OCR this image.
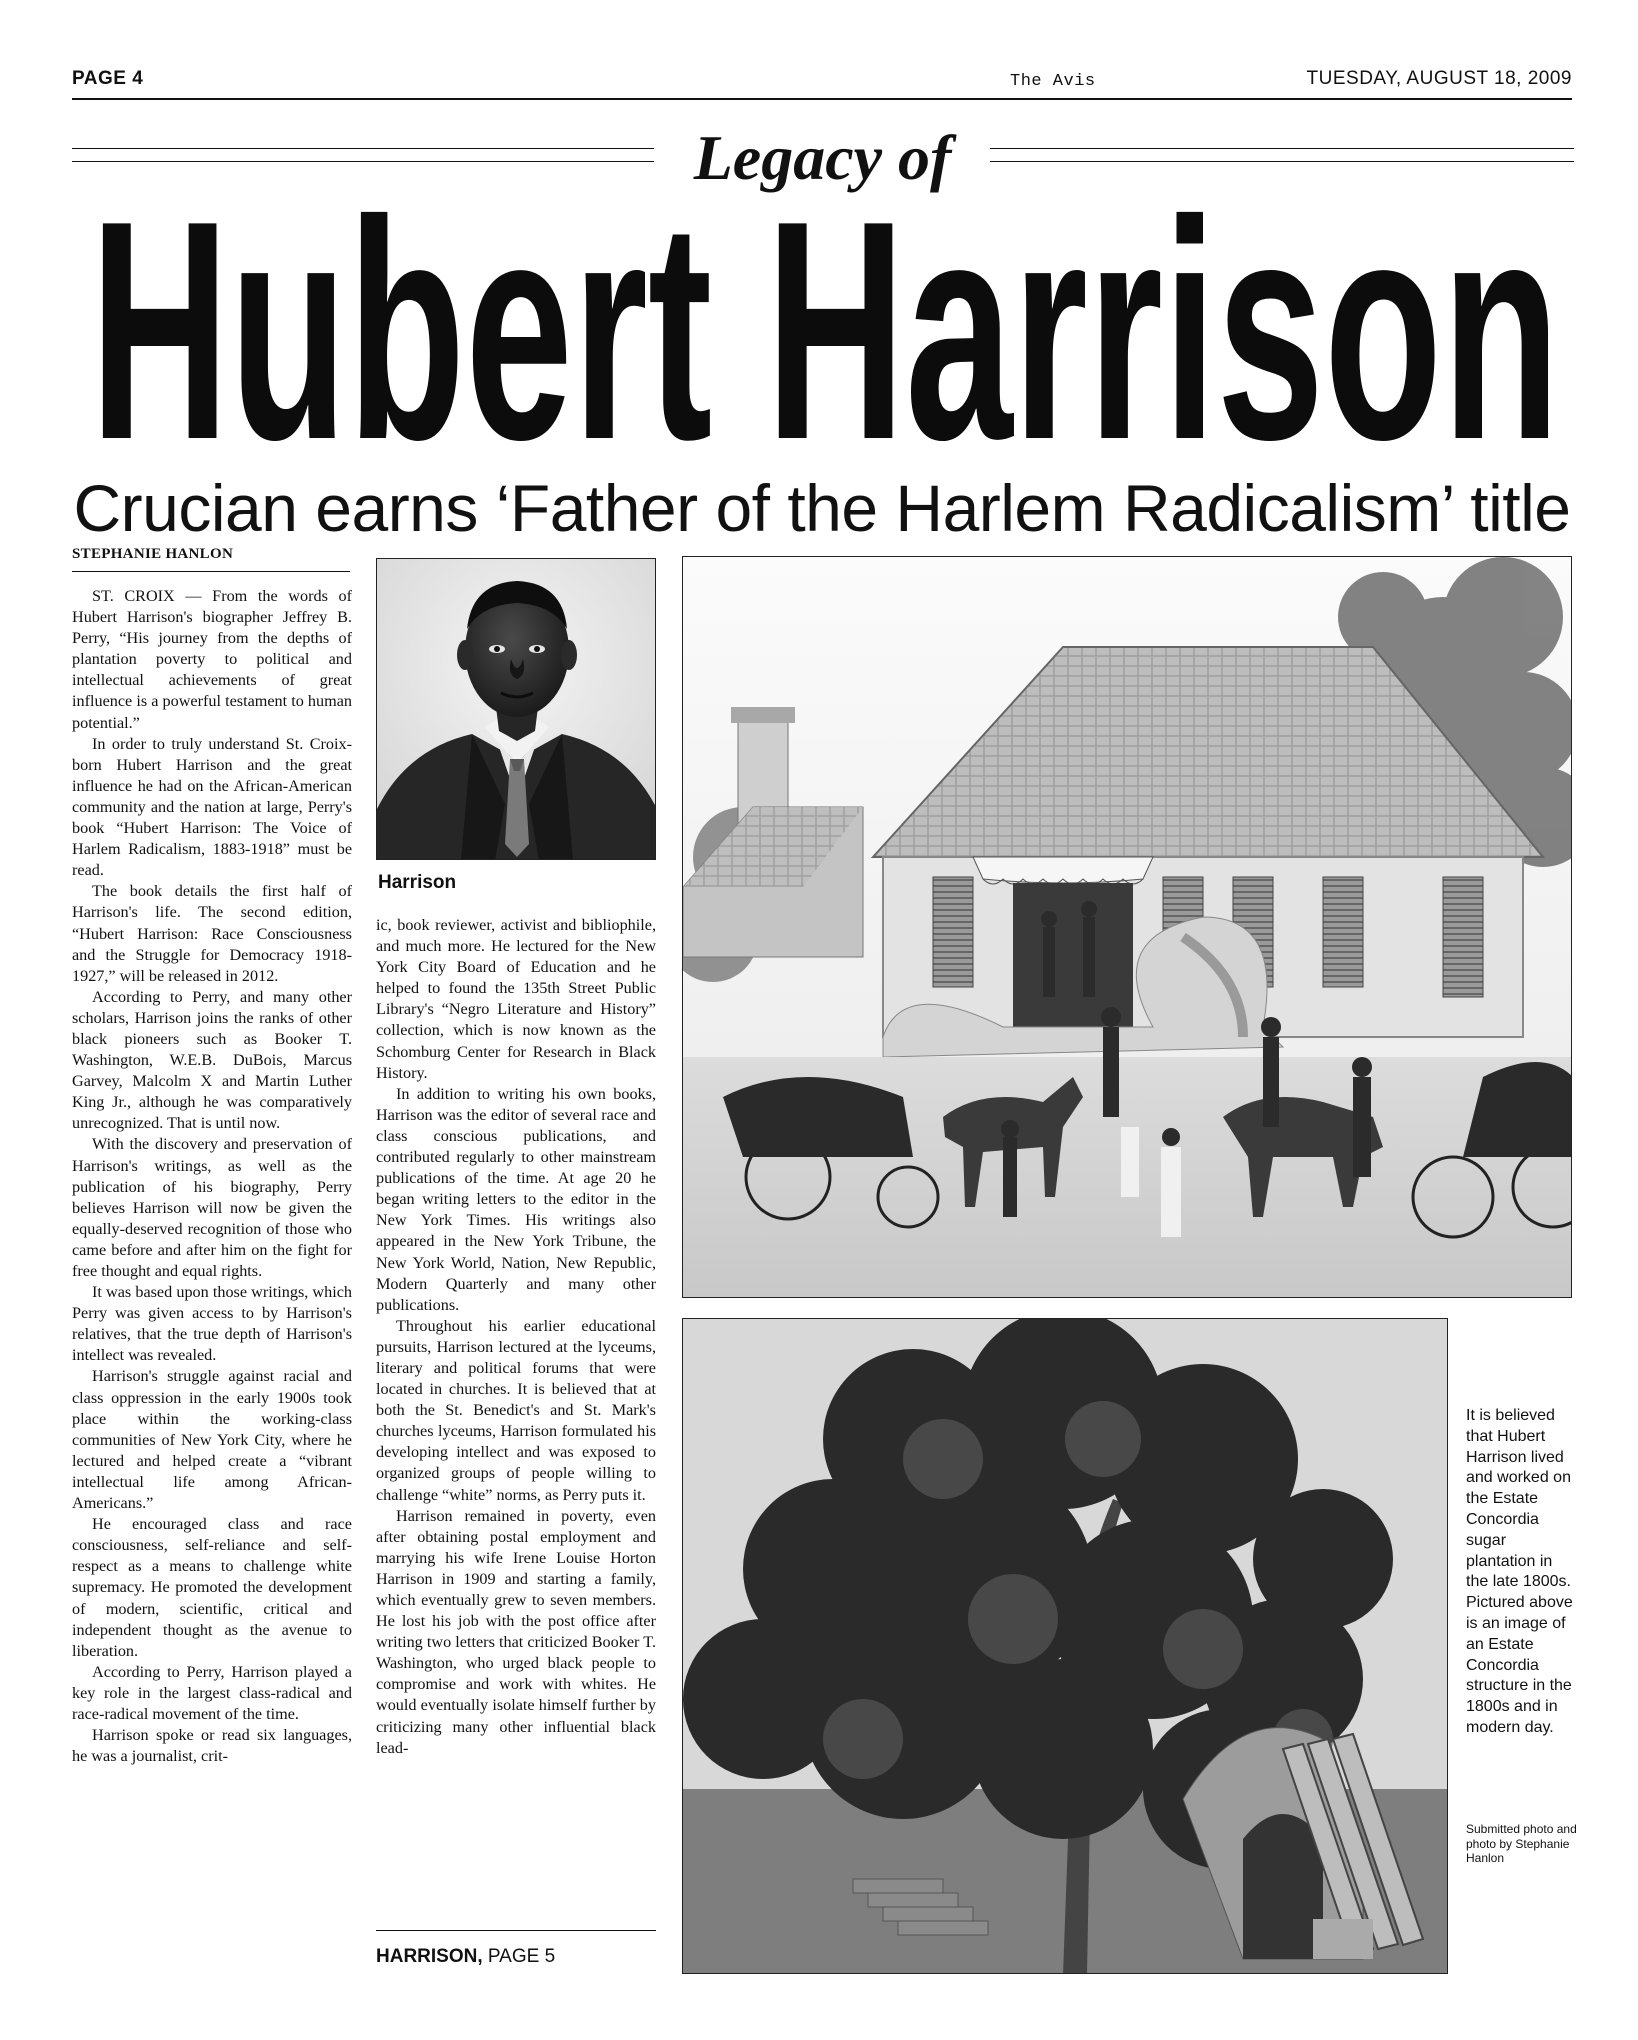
PAGE 4	The Avis	TUESDAY, AUGUST 18, 2009
Legacy of
Hubert Harrison
Crucian earns ‘Father of the Harlem Radicalism’ title
STEPHANIE HANLON

ST. CROIX — From the words of Hubert Harrison's biographer Jeffrey B. Perry, “His journey from the depths of plantation poverty to political and intellectual achievements of great influence is a powerful testament to human potential.”

In order to truly understand St. Croix-born Hubert Harrison and the great influence he had on the African-American community and the nation at large, Perry's book “Hubert Harrison: The Voice of Harlem Radicalism, 1883-1918” must be read.

The book details the first half of Harrison's life. The second edition, “Hubert Harrison: Race Consciousness and the Struggle for Democracy 1918-1927,” will be released in 2012.

According to Perry, and many other scholars, Harrison joins the ranks of other black pioneers such as Booker T. Washington, W.E.B. DuBois, Marcus Garvey, Malcolm X and Martin Luther King Jr., although he was comparatively unrecognized. That is until now.

With the discovery and preservation of Harrison's writings, as well as the publication of his biography, Perry believes Harrison will now be given the equally-deserved recognition of those who came before and after him on the fight for free thought and equal rights.

It was based upon those writings, which Perry was given access to by Harrison's relatives, that the true depth of Harrison's intellect was revealed.

Harrison's struggle against racial and class oppression in the early 1900s took place within the working-class communities of New York City, where he lectured and helped create a “vibrant intellectual life among African-Americans.”

He encouraged class and race consciousness, self-reliance and self-respect as a means to challenge white supremacy. He promoted the development of modern, scientific, critical and independent thought as the avenue to liberation.

According to Perry, Harrison played a key role in the largest class-radical and race-radical movement of the time.

Harrison spoke or read six languages, he was a journalist, crit-

Harrison

ic, book reviewer, activist and bibliophile, and much more. He lectured for the New York City Board of Education and he helped to found the 135th Street Public Library's “Negro Literature and History” collection, which is now known as the Schomburg Center for Research in Black History.

In addition to writing his own books, Harrison was the editor of several race and class conscious publications, and contributed regularly to other mainstream publications of the time. At age 20 he began writing letters to the editor in the New York Times. His writings also appeared in the New York Tribune, the New York World, Nation, New Republic, Modern Quarterly and many other publications.

Throughout his earlier educational pursuits, Harrison lectured at the lyceums, literary and political forums that were located in churches. It is believed that at both the St. Benedict's and St. Mark's churches lyceums, Harrison formulated his developing intellect and was exposed to organized groups of people willing to challenge “white” norms, as Perry puts it.

Harrison remained in poverty, even after obtaining postal employment and marrying his wife Irene Louise Horton Harrison in 1909 and starting a family, which eventually grew to seven members. He lost his job with the post office after writing two letters that criticized Booker T. Washington, who urged black people to compromise and work with whites. He would eventually isolate himself further by criticizing many other influential black lead-

HARRISON, PAGE 5
It is believed that Hubert Harrison lived and worked on the Estate Concordia sugar plantation in the late 1800s. Pictured above is an image of an Estate Concordia structure in the 1800s and in modern day.
Submitted photo and photo by Stephanie Hanlon
